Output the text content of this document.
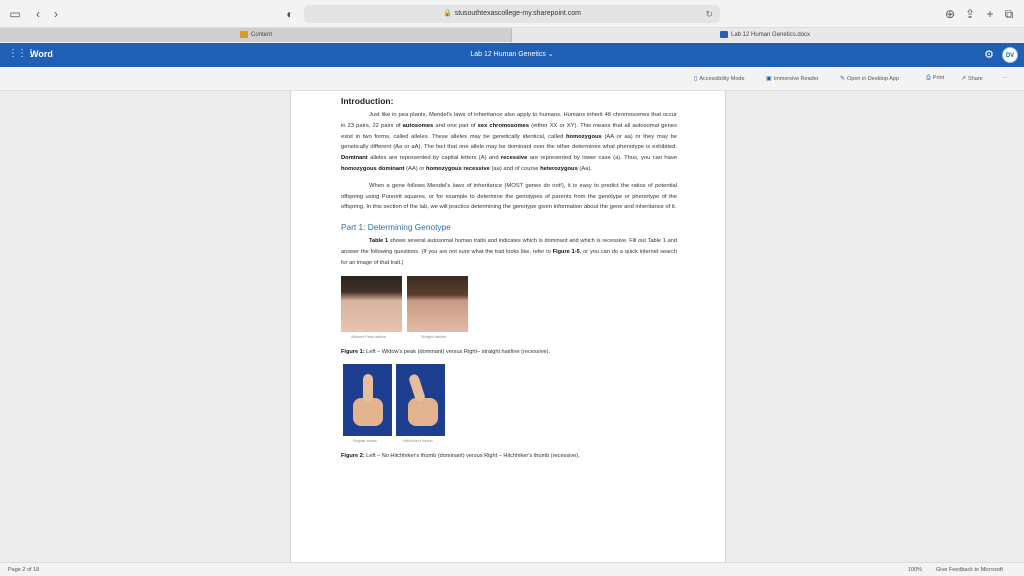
▭	‹	›	◐	🔒 stusouthtexascollege-my.sharepoint.com	↻	⊕ ⇪ + ⧉
Content	Lab 12 Human Genetics.docx
⋮⋮⋮
Word	Lab 12 Human Genetics ⌄	⚙	DV
▯ Accessibility Mode	▣ Immersive Reader	✎ Open in Desktop App	⎙ Print	↗ Share	···
Introduction:

Just like in pea plants, Mendel's laws of inheritance also apply to humans. Humans inherit 46 chromosomes that occur in 23 pairs, 22 pairs of autosomes and one pair of sex chromosomes (either XX or XY). This means that all autosomal genes exist in two forms, called alleles. These alleles may be genetically identical, called homozygous (AA or aa) or they may be genetically different (Aa or aA). The fact that one allele may be dominant over the other determines what phenotype is exhibited. Dominant alleles are represented by capital letters (A) and recessive are represented by lower case (a). Thus, you can have homozygous dominant (AA) or homozygous recessive (aa) and of course heterozygous (Aa).

When a gene follows Mendel's laws of inheritance (MOST genes do not!), it is easy to predict the ratios of potential offspring using Punnett squares, or for example to determine the genotypes of parents from the genotype or phenotype of the offspring. In this section of the lab, we will practice determining the genotype given information about the gene and inheritance of it.

Part 1: Determining Genotype

Table 1 shows several autosomal human traits and indicates which is dominant and which is recessive. Fill out Table 1 and answer the following questions. (If you are not sure what the trait looks like, refer to Figure 1-5, or you can do a quick internet search for an image of that trait.)

Widow's Peak hairline	Straight hairline
Figure 1: Left – Widow's peak (dominant) versus Right– straight hairline (recessive).
Regular thumb	Hitchhiker's thumb
Figure 2: Left – No Hitchhiker's thumb (dominant) versus Right – Hitchhiker's thumb (recessive).
Page 2 of 18	100%	Give Feedback to Microsoft
